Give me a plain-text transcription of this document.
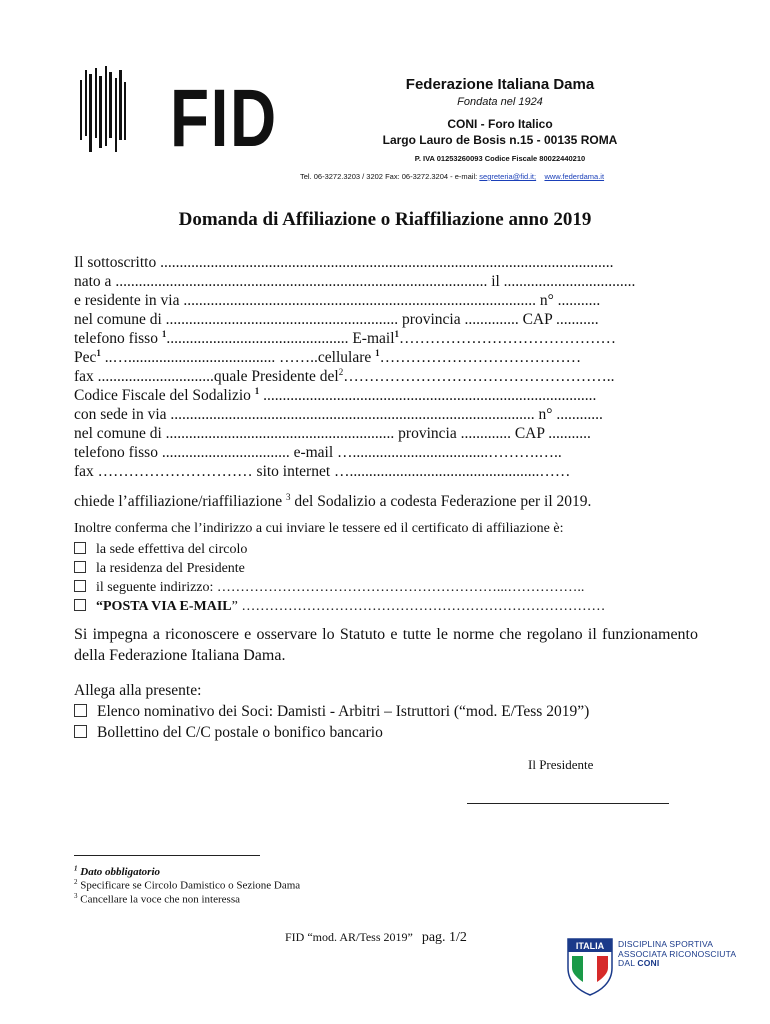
FID	Federazione Italiana Dama
Fondata nel 1924
CONI - Foro Italico
Largo Lauro de Bosis n.15 - 00135 ROMA
P. IVA 01253260093 Codice Fiscale 80022440210
Tel. 06-3272.3203 / 3202 Fax: 06-3272.3204 - e-mail: segreteria@fid.it; www.federdama.it
Domanda di Affiliazione o Riaffiliazione anno 2019
Il sottoscritto .....................................................................................................................
nato a ................................................................................................ il ..................................
e residente in via ........................................................................................... n° ...........
nel comune di ............................................................ provincia .............. CAP ...........
telefono fisso $^1$............................................... E-mail$^1$……………………………………
Pec$^1$ ..…...................................... ……..cellulare $^1$…………………………………
fax ..............................quale Presidente del$^2$……………………………………………..
Codice Fiscale del Sodalizio $^1$ ......................................................................................
con sede in via .............................................................................................. n° ............
nel comune di ........................................................... provincia ............. CAP ...........
telefono fisso ................................. e-mail …...................................……….…..
fax ………………………… sito internet ….................................................……
chiede l’affiliazione/riaffiliazione $^3$ del Sodalizio a codesta Federazione per il 2019.
Inoltre conferma che l’indirizzo a cui inviare le tessere ed il certificato di affiliazione è:
la sede effettiva del circolo
la residenza del Presidente
il seguente indirizzo: ……………………………………………………...……………..
“POSTA VIA E-MAIL” ……………………………………………………………………
Si impegna a riconoscere e osservare lo Statuto e tutte le norme che regolano il funzionamento della Federazione Italiana Dama.
Allega alla presente:
Elenco nominativo dei Soci: Damisti - Arbitri – Istruttori (“mod. E/Tess 2019”)
Bollettino del C/C postale o bonifico bancario
Il Presidente
$^1$ Dato obbligatorio
$^2$ Specificare se Circolo Damistico o Sezione Dama
$^3$ Cancellare la voce che non interessa
FID “mod. AR/Tess 2019” pag. 1/2
ITALIA DISCIPLINA SPORTIVA
ASSOCIATA RICONOSCIUTA
DAL CONI
